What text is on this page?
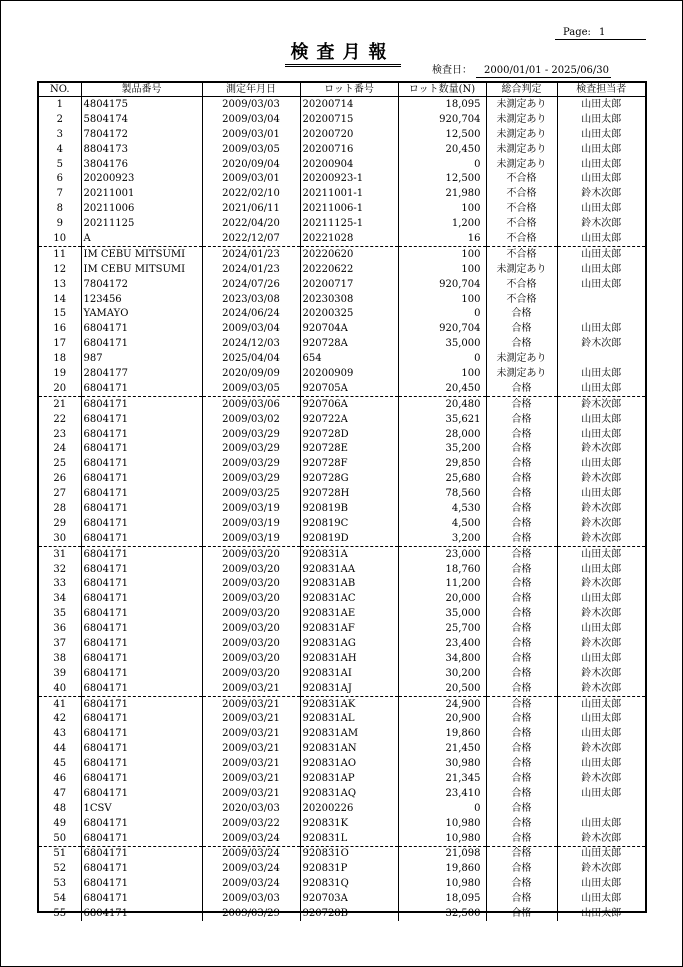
Page: 1
検査月報
検査日： 2000/01/01 - 2025/06/30
NO.	製品番号	測定年月日	ロット番号	ロット数量(N)	総合判定	検査担当者
1	4804175	2009/03/03	20200714	18,095	未測定あり	山田太郎
2	5804174	2009/03/04	20200715	920,704	未測定あり	山田太郎
3	7804172	2009/03/01	20200720	12,500	未測定あり	山田太郎
4	8804173	2009/03/05	20200716	20,450	未測定あり	山田太郎
5	3804176	2020/09/04	20200904	0	未測定あり	山田太郎
6	20200923	2009/03/01	20200923-1	12,500	不合格	山田太郎
7	20211001	2022/02/10	20211001-1	21,980	不合格	鈴木次郎
8	20211006	2021/06/11	20211006-1	100	不合格	山田太郎
9	20211125	2022/04/20	20211125-1	1,200	不合格	鈴木次郎
10	A	2022/12/07	20221028	16	不合格	山田太郎
11	IM CEBU MITSUMI	2024/01/23	20220620	100	不合格	山田太郎
12	IM CEBU MITSUMI	2024/01/23	20220622	100	未測定あり	山田太郎
13	7804172	2024/07/26	20200717	920,704	不合格	山田太郎
14	123456	2023/03/08	20230308	100	不合格	
15	YAMAYO	2024/06/24	20200325	0	合格	
16	6804171	2009/03/04	920704A	920,704	合格	山田太郎
17	6804171	2024/12/03	920728A	35,000	合格	鈴木次郎
18	987	2025/04/04	654	0	未測定あり	
19	2804177	2020/09/09	20200909	100	未測定あり	山田太郎
20	6804171	2009/03/05	920705A	20,450	合格	山田太郎
21	6804171	2009/03/06	920706A	20,480	合格	鈴木次郎
22	6804171	2009/03/02	920722A	35,621	合格	山田太郎
23	6804171	2009/03/29	920728D	28,000	合格	山田太郎
24	6804171	2009/03/29	920728E	35,200	合格	鈴木次郎
25	6804171	2009/03/29	920728F	29,850	合格	山田太郎
26	6804171	2009/03/29	920728G	25,680	合格	鈴木次郎
27	6804171	2009/03/25	920728H	78,560	合格	山田太郎
28	6804171	2009/03/19	920819B	4,530	合格	鈴木次郎
29	6804171	2009/03/19	920819C	4,500	合格	鈴木次郎
30	6804171	2009/03/19	920819D	3,200	合格	鈴木次郎
31	6804171	2009/03/20	920831A	23,000	合格	山田太郎
32	6804171	2009/03/20	920831AA	18,760	合格	山田太郎
33	6804171	2009/03/20	920831AB	11,200	合格	鈴木次郎
34	6804171	2009/03/20	920831AC	20,000	合格	山田太郎
35	6804171	2009/03/20	920831AE	35,000	合格	鈴木次郎
36	6804171	2009/03/20	920831AF	25,700	合格	山田太郎
37	6804171	2009/03/20	920831AG	23,400	合格	鈴木次郎
38	6804171	2009/03/20	920831AH	34,800	合格	山田太郎
39	6804171	2009/03/20	920831AI	30,200	合格	鈴木次郎
40	6804171	2009/03/21	920831AJ	20,500	合格	鈴木次郎
41	6804171	2009/03/21	920831AK	24,900	合格	山田太郎
42	6804171	2009/03/21	920831AL	20,900	合格	山田太郎
43	6804171	2009/03/21	920831AM	19,860	合格	山田太郎
44	6804171	2009/03/21	920831AN	21,450	合格	鈴木次郎
45	6804171	2009/03/21	920831AO	30,980	合格	山田太郎
46	6804171	2009/03/21	920831AP	21,345	合格	鈴木次郎
47	6804171	2009/03/21	920831AQ	23,410	合格	山田太郎
48	1CSV	2020/03/03	20200226	0	合格	
49	6804171	2009/03/22	920831K	10,980	合格	山田太郎
50	6804171	2009/03/24	920831L	10,980	合格	鈴木次郎
51	6804171	2009/03/24	920831O	21,098	合格	山田太郎
52	6804171	2009/03/24	920831P	19,860	合格	鈴木次郎
53	6804171	2009/03/24	920831Q	10,980	合格	山田太郎
54	6804171	2009/03/03	920703A	18,095	合格	山田太郎
55	6804171	2009/03/29	920728B	32,500	合格	山田太郎
